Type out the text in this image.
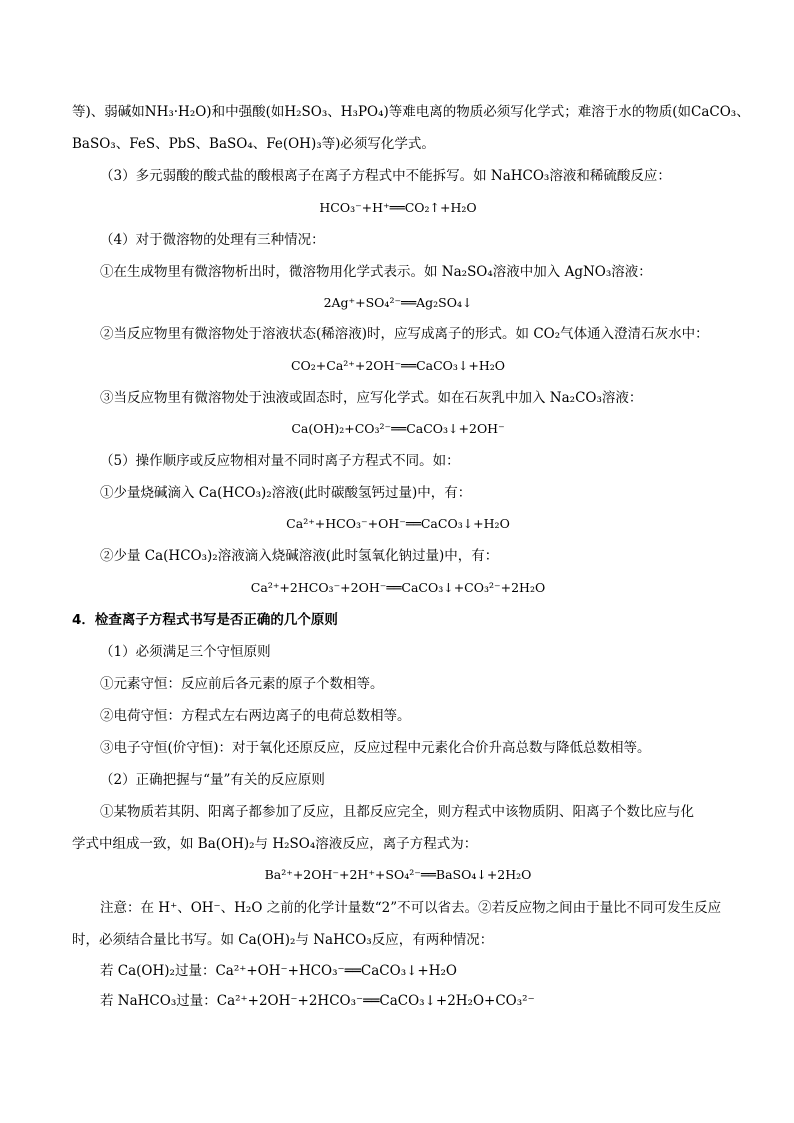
等)、弱碱如NH₃·H₂O)和中强酸(如H₂SO₃、H₃PO₄)等难电离的物质必须写化学式；难溶于水的物质(如CaCO₃、
BaSO₃、FeS、PbS、BaSO₄、Fe(OH)₃等)必须写化学式。
（3）多元弱酸的酸式盐的酸根离子在离子方程式中不能拆写。如 NaHCO₃溶液和稀硫酸反应：
HCO₃⁻+H⁺══CO₂↑+H₂O
（4）对于微溶物的处理有三种情况：
①在生成物里有微溶物析出时，微溶物用化学式表示。如 Na₂SO₄溶液中加入 AgNO₃溶液：
2Ag⁺+SO₄²⁻══Ag₂SO₄↓
②当反应物里有微溶物处于溶液状态(稀溶液)时，应写成离子的形式。如 CO₂气体通入澄清石灰水中：
CO₂+Ca²⁺+2OH⁻══CaCO₃↓+H₂O
③当反应物里有微溶物处于浊液或固态时，应写化学式。如在石灰乳中加入 Na₂CO₃溶液：
Ca(OH)₂+CO₃²⁻══CaCO₃↓+2OH⁻
（5）操作顺序或反应物相对量不同时离子方程式不同。如：
①少量烧碱滴入 Ca(HCO₃)₂溶液(此时碳酸氢钙过量)中，有：
Ca²⁺+HCO₃⁻+OH⁻══CaCO₃↓+H₂O
②少量 Ca(HCO₃)₂溶液滴入烧碱溶液(此时氢氧化钠过量)中，有：
Ca²⁺+2HCO₃⁻+2OH⁻══CaCO₃↓+CO₃²⁻+2H₂O
4．检查离子方程式书写是否正确的几个原则
（1）必须满足三个守恒原则
①元素守恒：反应前后各元素的原子个数相等。
②电荷守恒：方程式左右两边离子的电荷总数相等。
③电子守恒(价守恒)：对于氧化还原反应，反应过程中元素化合价升高总数与降低总数相等。
（2）正确把握与“量”有关的反应原则
①某物质若其阴、阳离子都参加了反应，且都反应完全，则方程式中该物质阴、阳离子个数比应与化
学式中组成一致，如 Ba(OH)₂与 H₂SO₄溶液反应，离子方程式为：
Ba²⁺+2OH⁻+2H⁺+SO₄²⁻══BaSO₄↓+2H₂O
注意：在 H⁺、OH⁻、H₂O 之前的化学计量数“2”不可以省去。②若反应物之间由于量比不同可发生反应
时，必须结合量比书写。如 Ca(OH)₂与 NaHCO₃反应，有两种情况：
若 Ca(OH)₂过量：Ca²⁺+OH⁻+HCO₃⁻══CaCO₃↓+H₂O
若 NaHCO₃过量：Ca²⁺+2OH⁻+2HCO₃⁻══CaCO₃↓+2H₂O+CO₃²⁻
